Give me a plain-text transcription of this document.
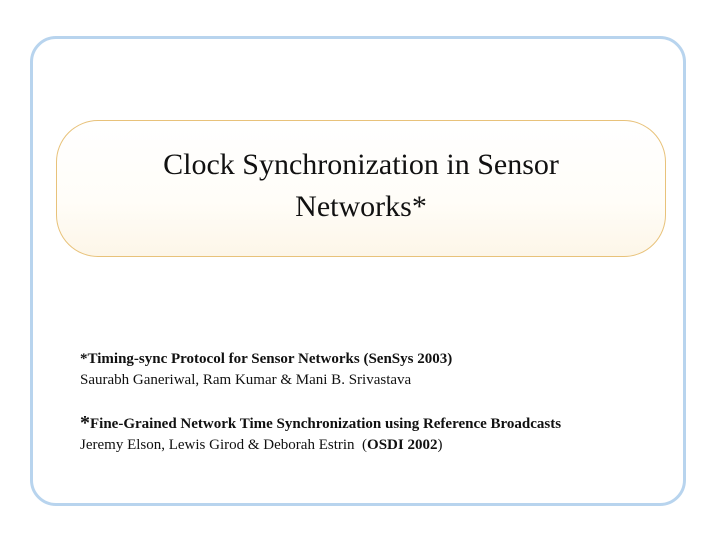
Clock Synchronization in Sensor Networks*

*Timing-sync Protocol for Sensor Networks (SenSys 2003)

Saurabh Ganeriwal, Ram Kumar & Mani B. Srivastava

*Fine-Grained Network Time Synchronization using Reference Broadcasts

Jeremy Elson, Lewis Girod & Deborah Estrin (OSDI 2002)
